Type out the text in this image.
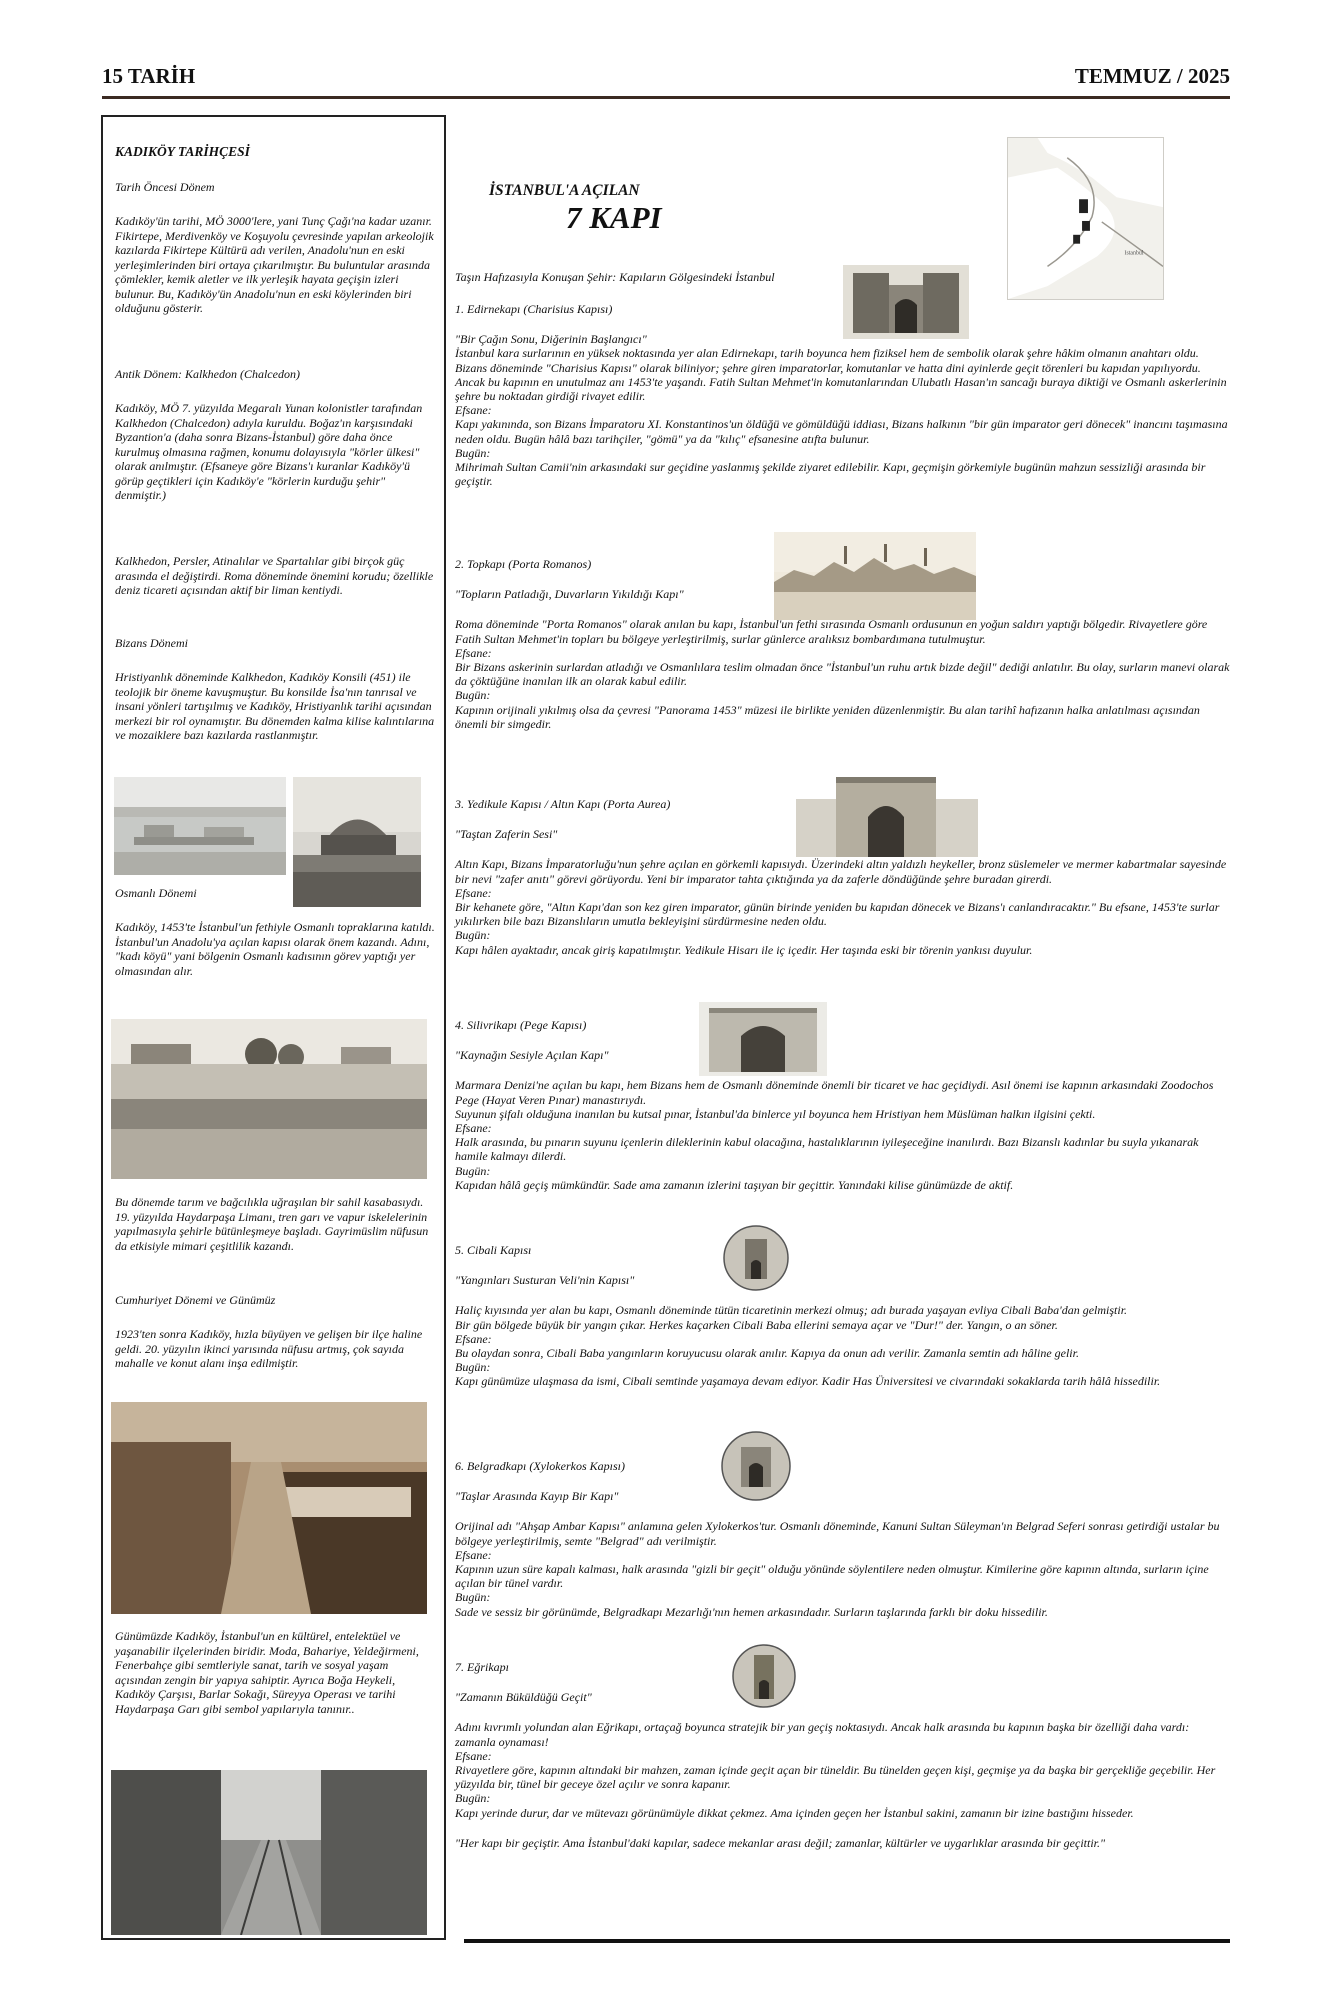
15 TARİH	TEMMUZ / 2025
KADIKÖY TARİHÇESİ
Tarih Öncesi Dönem
Kadıköy'ün tarihi, MÖ 3000'lere, yani Tunç Çağı'na kadar uzanır. Fikirtepe, Merdivenköy ve Koşuyolu çevresinde yapılan arkeolojik kazılarda Fikirtepe Kültürü adı verilen, Anadolu'nun en eski yerleşimlerinden biri ortaya çıkarılmıştır. Bu buluntular arasında çömlekler, kemik aletler ve ilk yerleşik hayata geçişin izleri bulunur. Bu, Kadıköy'ün Anadolu'nun en eski köylerinden biri olduğunu gösterir.
Antik Dönem: Kalkhedon (Chalcedon)
Kadıköy, MÖ 7. yüzyılda Megaralı Yunan kolonistler tarafından Kalkhedon (Chalcedon) adıyla kuruldu. Boğaz'ın karşısındaki Byzantion'a (daha sonra Bizans-İstanbul) göre daha önce kurulmuş olmasına rağmen, konumu dolayısıyla "körler ülkesi" olarak anılmıştır. (Efsaneye göre Bizans'ı kuranlar Kadıköy'ü görüp geçtikleri için Kadıköy'e "körlerin kurduğu şehir" denmiştir.)
Kalkhedon, Persler, Atinalılar ve Spartalılar gibi birçok güç arasında el değiştirdi. Roma döneminde önemini korudu; özellikle deniz ticareti açısından aktif bir liman kentiydi.
Bizans Dönemi
Hristiyanlık döneminde Kalkhedon, Kadıköy Konsili (451) ile teolojik bir öneme kavuşmuştur. Bu konsilde İsa'nın tanrısal ve insani yönleri tartışılmış ve Kadıköy, Hristiyanlık tarihi açısından merkezi bir rol oynamıştır. Bu dönemden kalma kilise kalıntılarına ve mozaiklere bazı kazılarda rastlanmıştır.
Osmanlı Dönemi
Kadıköy, 1453'te İstanbul'un fethiyle Osmanlı topraklarına katıldı. İstanbul'un Anadolu'ya açılan kapısı olarak önem kazandı. Adını, "kadı köyü" yani bölgenin Osmanlı kadısının görev yaptığı yer olmasından alır.
Bu dönemde tarım ve bağcılıkla uğraşılan bir sahil kasabasıydı. 19. yüzyılda Haydarpaşa Limanı, tren garı ve vapur iskelelerinin yapılmasıyla şehirle bütünleşmeye başladı. Gayrimüslim nüfusun da etkisiyle mimari çeşitlilik kazandı.
Cumhuriyet Dönemi ve Günümüz
1923'ten sonra Kadıköy, hızla büyüyen ve gelişen bir ilçe haline geldi. 20. yüzyılın ikinci yarısında nüfusu artmış, çok sayıda mahalle ve konut alanı inşa edilmiştir.
Günümüzde Kadıköy, İstanbul'un en kültürel, entelektüel ve yaşanabilir ilçelerinden biridir. Moda, Bahariye, Yeldeğirmeni, Fenerbahçe gibi semtleriyle sanat, tarih ve sosyal yaşam açısından zengin bir yapıya sahiptir. Ayrıca Boğa Heykeli, Kadıköy Çarşısı, Barlar Sokağı, Süreyya Operası ve tarihi Haydarpaşa Garı gibi sembol yapılarıyla tanınır..
İSTANBUL'A AÇILAN
7 KAPI
Istanbul
Taşın Hafızasıyla Konuşan Şehir: Kapıların Gölgesindeki İstanbul

1. Edirnekapı (Charisius Kapısı)

"Bir Çağın Sonu, Diğerinin Başlangıcı"

İstanbul kara surlarının en yüksek noktasında yer alan Edirnekapı, tarih boyunca hem fiziksel hem de sembolik olarak şehre hâkim olmanın anahtarı oldu. Bizans döneminde "Charisius Kapısı" olarak biliniyor; şehre giren imparatorlar, komutanlar ve hatta dini ayinlerde geçit törenleri bu kapıdan yapılıyordu.

Ancak bu kapının en unutulmaz anı 1453'te yaşandı. Fatih Sultan Mehmet'in komutanlarından Ulubatlı Hasan'ın sancağı buraya diktiği ve Osmanlı askerlerinin şehre bu noktadan girdiği rivayet edilir.

Efsane:

Kapı yakınında, son Bizans İmparatoru XI. Konstantinos'un öldüğü ve gömüldüğü iddiası, Bizans halkının "bir gün imparator geri dönecek" inancını taşımasına neden oldu. Bugün hâlâ bazı tarihçiler, "gömü" ya da "kılıç" efsanesine atıfta bulunur.

Bugün:

Mihrimah Sultan Camii'nin arkasındaki sur geçidine yaslanmış şekilde ziyaret edilebilir. Kapı, geçmişin görkemiyle bugünün mahzun sessizliği arasında bir geçiştir.

2. Topkapı (Porta Romanos)

"Topların Patladığı, Duvarların Yıkıldığı Kapı"

Roma döneminde "Porta Romanos" olarak anılan bu kapı, İstanbul'un fethi sırasında Osmanlı ordusunun en yoğun saldırı yaptığı bölgedir. Rivayetlere göre Fatih Sultan Mehmet'in topları bu bölgeye yerleştirilmiş, surlar günlerce aralıksız bombardımana tutulmuştur.

Efsane:

Bir Bizans askerinin surlardan atladığı ve Osmanlılara teslim olmadan önce "İstanbul'un ruhu artık bizde değil" dediği anlatılır. Bu olay, surların manevi olarak da çöktüğüne inanılan ilk an olarak kabul edilir.

Bugün:

Kapının orijinali yıkılmış olsa da çevresi "Panorama 1453" müzesi ile birlikte yeniden düzenlenmiştir. Bu alan tarihî hafızanın halka anlatılması açısından önemli bir simgedir.

3. Yedikule Kapısı / Altın Kapı (Porta Aurea)

"Taştan Zaferin Sesi"

Altın Kapı, Bizans İmparatorluğu'nun şehre açılan en görkemli kapısıydı. Üzerindeki altın yaldızlı heykeller, bronz süslemeler ve mermer kabartmalar sayesinde bir nevi "zafer anıtı" görevi görüyordu. Yeni bir imparator tahta çıktığında ya da zaferle döndüğünde şehre buradan girerdi.

Efsane:

Bir kehanete göre, "Altın Kapı'dan son kez giren imparator, günün birinde yeniden bu kapıdan dönecek ve Bizans'ı canlandıracaktır." Bu efsane, 1453'te surlar yıkılırken bile bazı Bizanslıların umutla bekleyişini sürdürmesine neden oldu.

Bugün:

Kapı hâlen ayaktadır, ancak giriş kapatılmıştır. Yedikule Hisarı ile iç içedir. Her taşında eski bir törenin yankısı duyulur.

4. Silivrikapı (Pege Kapısı)

"Kaynağın Sesiyle Açılan Kapı"

Marmara Denizi'ne açılan bu kapı, hem Bizans hem de Osmanlı döneminde önemli bir ticaret ve hac geçidiydi. Asıl önemi ise kapının arkasındaki Zoodochos Pege (Hayat Veren Pınar) manastırıydı.

Suyunun şifalı olduğuna inanılan bu kutsal pınar, İstanbul'da binlerce yıl boyunca hem Hristiyan hem Müslüman halkın ilgisini çekti.

Efsane:

Halk arasında, bu pınarın suyunu içenlerin dileklerinin kabul olacağına, hastalıklarının iyileşeceğine inanılırdı. Bazı Bizanslı kadınlar bu suyla yıkanarak hamile kalmayı dilerdi.

Bugün:

Kapıdan hâlâ geçiş mümkündür. Sade ama zamanın izlerini taşıyan bir geçittir. Yanındaki kilise günümüzde de aktif.

5. Cibali Kapısı

"Yangınları Susturan Veli'nin Kapısı"

Haliç kıyısında yer alan bu kapı, Osmanlı döneminde tütün ticaretinin merkezi olmuş; adı burada yaşayan evliya Cibali Baba'dan gelmiştir.

Bir gün bölgede büyük bir yangın çıkar. Herkes kaçarken Cibali Baba ellerini semaya açar ve "Dur!" der. Yangın, o an söner.

Efsane:

Bu olaydan sonra, Cibali Baba yangınların koruyucusu olarak anılır. Kapıya da onun adı verilir. Zamanla semtin adı hâline gelir.

Bugün:

Kapı günümüze ulaşmasa da ismi, Cibali semtinde yaşamaya devam ediyor. Kadir Has Üniversitesi ve civarındaki sokaklarda tarih hâlâ hissedilir.

6. Belgradkapı (Xylokerkos Kapısı)

"Taşlar Arasında Kayıp Bir Kapı"

Orijinal adı "Ahşap Ambar Kapısı" anlamına gelen Xylokerkos'tur. Osmanlı döneminde, Kanuni Sultan Süleyman'ın Belgrad Seferi sonrası getirdiği ustalar bu bölgeye yerleştirilmiş, semte "Belgrad" adı verilmiştir.

Efsane:

Kapının uzun süre kapalı kalması, halk arasında "gizli bir geçit" olduğu yönünde söylentilere neden olmuştur. Kimilerine göre kapının altında, surların içine açılan bir tünel vardır.

Bugün:

Sade ve sessiz bir görünümde, Belgradkapı Mezarlığı'nın hemen arkasındadır. Surların taşlarında farklı bir doku hissedilir.

7. Eğrikapı

"Zamanın Büküldüğü Geçit"

Adını kıvrımlı yolundan alan Eğrikapı, ortaçağ boyunca stratejik bir yan geçiş noktasıydı. Ancak halk arasında bu kapının başka bir özelliği daha vardı: zamanla oynaması!

Efsane:

Rivayetlere göre, kapının altındaki bir mahzen, zaman içinde geçit açan bir tüneldir. Bu tünelden geçen kişi, geçmişe ya da başka bir gerçekliğe geçebilir. Her yüzyılda bir, tünel bir geceye özel açılır ve sonra kapanır.

Bugün:

Kapı yerinde durur, dar ve mütevazı görünümüyle dikkat çekmez. Ama içinden geçen her İstanbul sakini, zamanın bir izine bastığını hisseder.

"Her kapı bir geçiştir. Ama İstanbul'daki kapılar, sadece mekanlar arası değil; zamanlar, kültürler ve uygarlıklar arasında bir geçittir."
